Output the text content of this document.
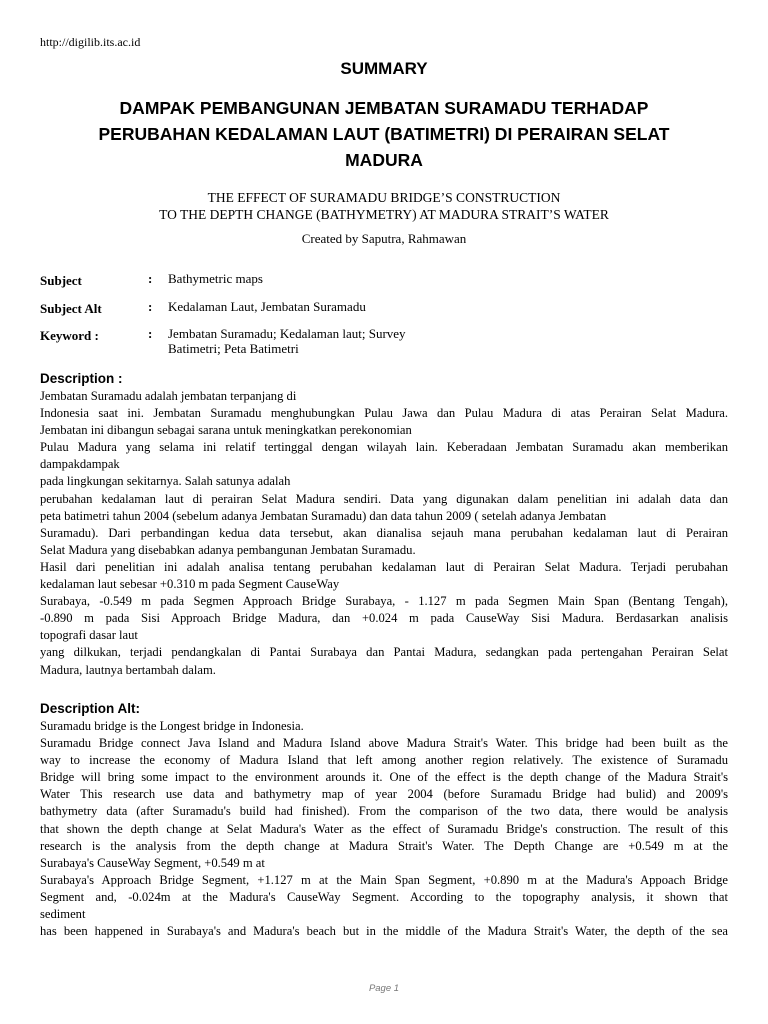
http://digilib.its.ac.id
SUMMARY
DAMPAK PEMBANGUNAN JEMBATAN SURAMADU TERHADAP
PERUBAHAN KEDALAMAN LAUT (BATIMETRI) DI PERAIRAN SELAT
MADURA
THE EFFECT OF SURAMADU BRIDGE’S CONSTRUCTION
TO THE DEPTH CHANGE (BATHYMETRY) AT MADURA STRAIT’S WATER
Created by Saputra, Rahmawan
Subject	: Bathymetric maps
Subject Alt	: Kedalaman Laut, Jembatan Suramadu
Keyword :	: Jembatan Suramadu; Kedalaman laut; Survey
Batimetri; Peta Batimetri
Description :
Jembatan Suramadu adalah jembatan terpanjang di
Indonesia saat ini. Jembatan Suramadu menghubungkan Pulau Jawa dan Pulau Madura di atas Perairan Selat Madura.
Jembatan ini dibangun sebagai sarana untuk meningkatkan perekonomian
Pulau Madura yang selama ini relatif tertinggal dengan wilayah lain. Keberadaan Jembatan Suramadu akan memberikan
dampakdampak
pada lingkungan sekitarnya. Salah satunya adalah
perubahan kedalaman laut di perairan Selat Madura sendiri. Data yang digunakan dalam penelitian ini adalah data dan
peta batimetri tahun 2004 (sebelum adanya Jembatan Suramadu) dan data tahun 2009 ( setelah adanya Jembatan
Suramadu). Dari perbandingan kedua data tersebut, akan dianalisa sejauh mana perubahan kedalaman laut di Perairan
Selat Madura yang disebabkan adanya pembangunan Jembatan Suramadu.
Hasil dari penelitian ini adalah analisa tentang perubahan kedalaman laut di Perairan Selat Madura. Terjadi perubahan
kedalaman laut sebesar +0.310 m pada Segment CauseWay
Surabaya, -0.549 m pada Segmen Approach Bridge Surabaya, - 1.127 m pada Segmen Main Span (Bentang Tengah),
-0.890 m pada Sisi Approach Bridge Madura, dan +0.024 m pada CauseWay Sisi Madura. Berdasarkan analisis
topografi dasar laut
yang dilkukan, terjadi pendangkalan di Pantai Surabaya dan Pantai Madura, sedangkan pada pertengahan Perairan Selat
Madura, lautnya bertambah dalam.
Description Alt:
Suramadu bridge is the Longest bridge in Indonesia.
Suramadu Bridge connect Java Island and Madura Island above Madura Strait's Water. This bridge had been built as the
way to increase the economy of Madura Island that left among another region relatively. The existence of Suramadu
Bridge will bring some impact to the environment arounds it. One of the effect is the depth change of the Madura Strait's
Water This research use data and bathymetry map of year 2004 (before Suramadu Bridge had bulid) and 2009's
bathymetry data (after Suramadu's build had finished). From the comparison of the two data, there would be analysis
that shown the depth change at Selat Madura's Water as the effect of Suramadu Bridge's construction. The result of this
research is the analysis from the depth change at Madura Strait's Water. The Depth Change are +0.549 m at the
Surabaya's CauseWay Segment, +0.549 m at
Surabaya's Approach Bridge Segment, +1.127 m at the Main Span Segment, +0.890 m at the Madura's Appoach Bridge
Segment and, -0.024m at the Madura's CauseWay Segment. According to the topography analysis, it shown that
sediment
has been happened in Surabaya's and Madura's beach but in the middle of the Madura Strait's Water, the depth of the sea
Page 1
